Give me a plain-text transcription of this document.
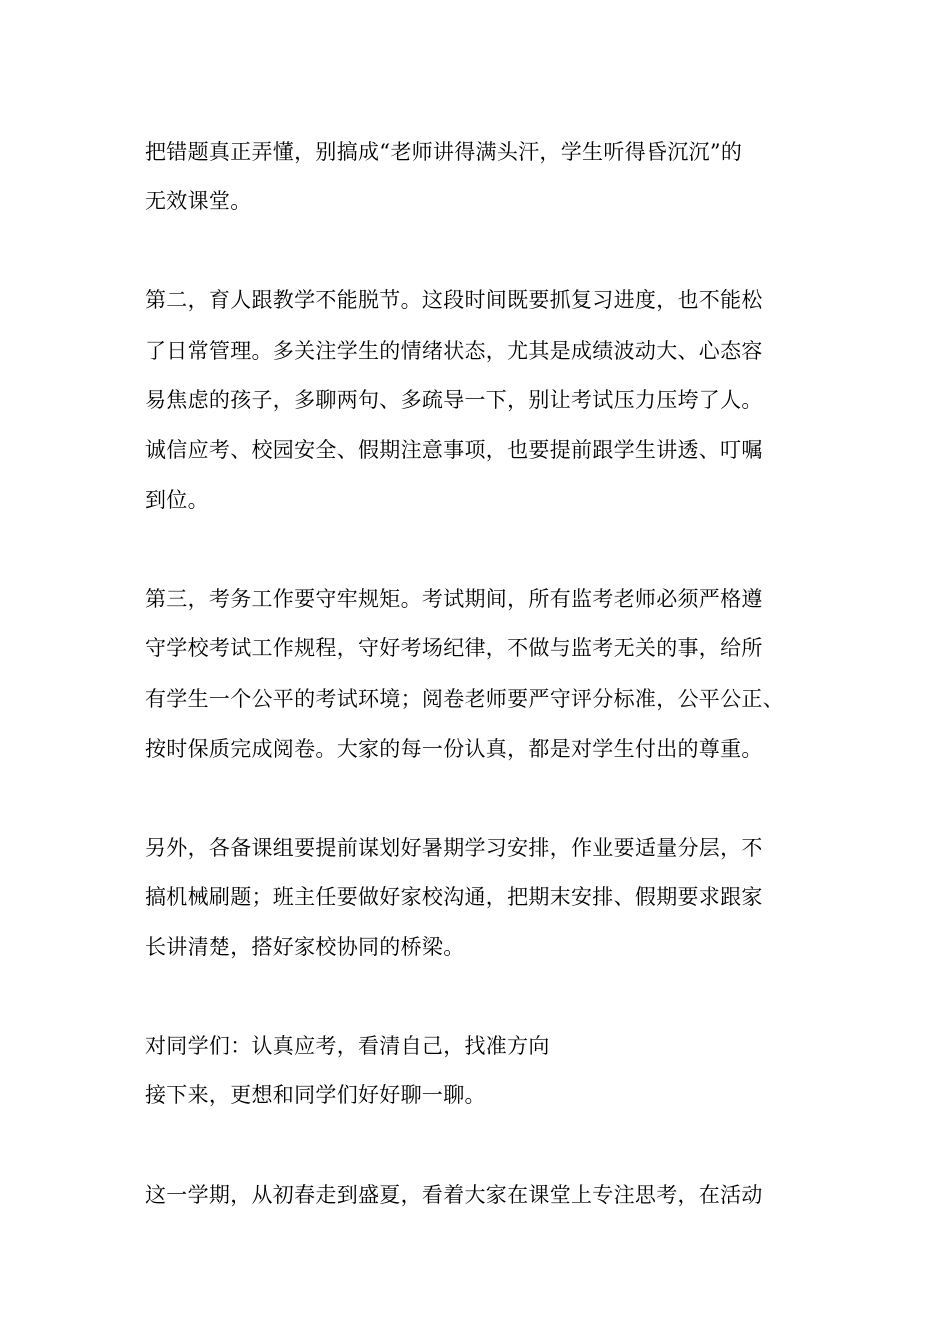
把错题真正弄懂，别搞成“老师讲得满头汗，学生听得昏沉沉”的
无效课堂。
第二，育人跟教学不能脱节。这段时间既要抓复习进度，也不能松
了日常管理。多关注学生的情绪状态，尤其是成绩波动大、心态容
易焦虑的孩子，多聊两句、多疏导一下，别让考试压力压垮了人。
诚信应考、校园安全、假期注意事项，也要提前跟学生讲透、叮嘱
到位。
第三，考务工作要守牢规矩。考试期间，所有监考老师必须严格遵
守学校考试工作规程，守好考场纪律，不做与监考无关的事，给所
有学生一个公平的考试环境；阅卷老师要严守评分标准，公平公正、
按时保质完成阅卷。大家的每一份认真，都是对学生付出的尊重。
另外，各备课组要提前谋划好暑期学习安排，作业要适量分层，不
搞机械刷题；班主任要做好家校沟通，把期末安排、假期要求跟家
长讲清楚，搭好家校协同的桥梁。
对同学们：认真应考，看清自己，找准方向
接下来，更想和同学们好好聊一聊。
这一学期，从初春走到盛夏，看着大家在课堂上专注思考，在活动
